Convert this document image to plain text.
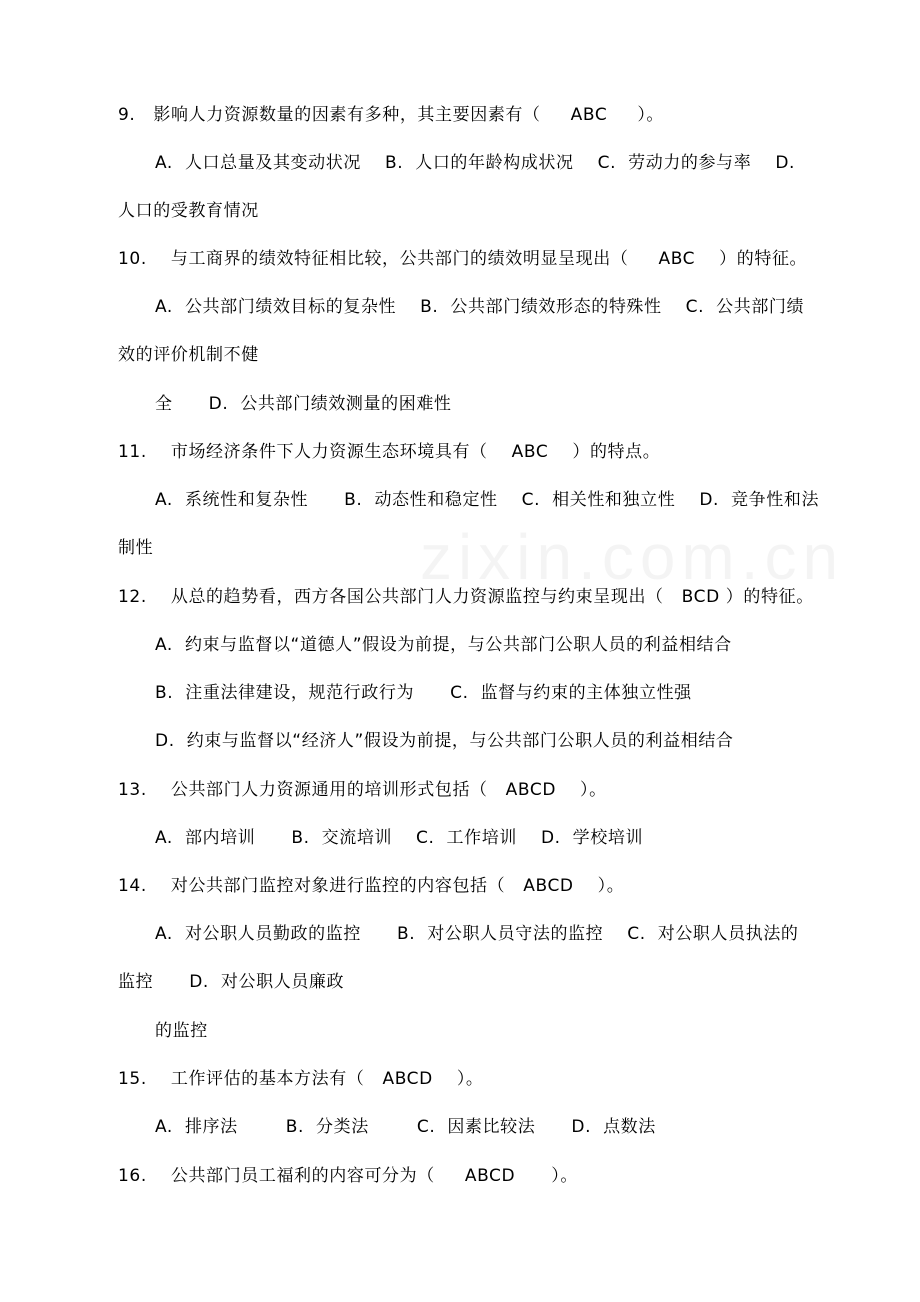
9.   影响人力资源数量的因素有多种，其主要因素有（     ABC     ）。
A.  人口总量及其变动状况    B.  人口的年龄构成状况    C.  劳动力的参与率    D.
人口的受教育情况
10.    与工商界的绩效特征相比较，公共部门的绩效明显呈现出（     ABC    ）的特征。
A.  公共部门绩效目标的复杂性    B.  公共部门绩效形态的特殊性    C.  公共部门绩
效的评价机制不健
全      D.  公共部门绩效测量的困难性
11.    市场经济条件下人力资源生态环境具有（    ABC    ）的特点。
A.  系统性和复杂性      B.  动态性和稳定性    C.  相关性和独立性    D.  竞争性和法
制性
12.    从总的趋势看，西方各国公共部门人力资源监控与约束呈现出（   BCD ）的特征。
A.  约束与监督以“道德人”假设为前提，与公共部门公职人员的利益相结合
B.  注重法律建设，规范行政行为      C.  监督与约束的主体独立性强
D.  约束与监督以“经济人”假设为前提，与公共部门公职人员的利益相结合
13.    公共部门人力资源通用的培训形式包括（   ABCD    ）。
A.  部内培训      B.  交流培训    C.  工作培训    D.  学校培训
14.    对公共部门监控对象进行监控的内容包括（   ABCD    ）。
A.  对公职人员勤政的监控      B.  对公职人员守法的监控    C.  对公职人员执法的
监控      D.  对公职人员廉政
的监控
15.    工作评估的基本方法有（   ABCD    ）。
A.  排序法        B.  分类法        C.  因素比较法      D.  点数法
16.    公共部门员工福利的内容可分为（     ABCD      ）。
